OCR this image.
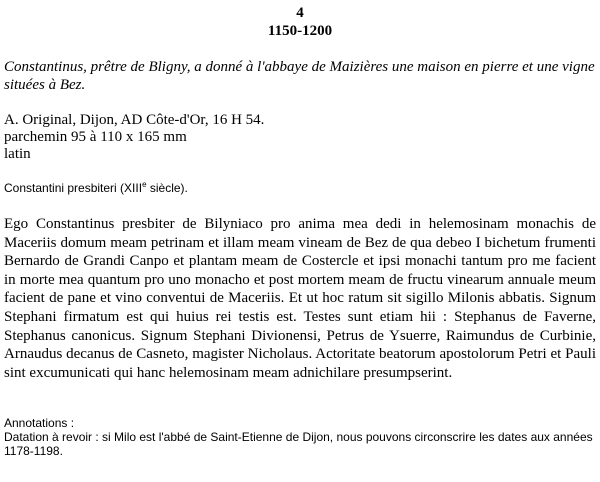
4
1150-1200
Constantinus, prêtre de Bligny, a donné à l'abbaye de Maizières une maison en pierre et une vigne situées à Bez.
A. Original, Dijon, AD Côte-d'Or, 16 H 54.
parchemin 95 à 110 x 165 mm
latin
Constantini presbiteri (XIIIe siècle).
Ego Constantinus presbiter de Bilyniaco pro anima mea dedi in helemosinam monachis de Maceriis domum meam petrinam et illam meam vineam de Bez de qua debeo I bichetum frumenti Bernardo de Grandi Canpo et plantam meam de Costercle et ipsi monachi tantum pro me facient in morte mea quantum pro uno monacho et post mortem meam de fructu vinearum annuale meum facient de pane et vino conventui de Maceriis. Et ut hoc ratum sit sigillo Milonis abbatis. Signum Stephani firmatum est qui huius rei testis est. Testes sunt etiam hii : Stephanus de Faverne, Stephanus canonicus. Signum Stephani Divionensi, Petrus de Ysuerre, Raimundus de Curbinie, Arnaudus decanus de Casneto, magister Nicholaus. Actoritate beatorum apostolorum Petri et Pauli sint excumunicati qui hanc helemosinam meam adnichilare presumpserint.
Annotations :
Datation à revoir : si Milo est l'abbé de Saint-Etienne de Dijon, nous pouvons circonscrire les dates aux années 1178-1198.
